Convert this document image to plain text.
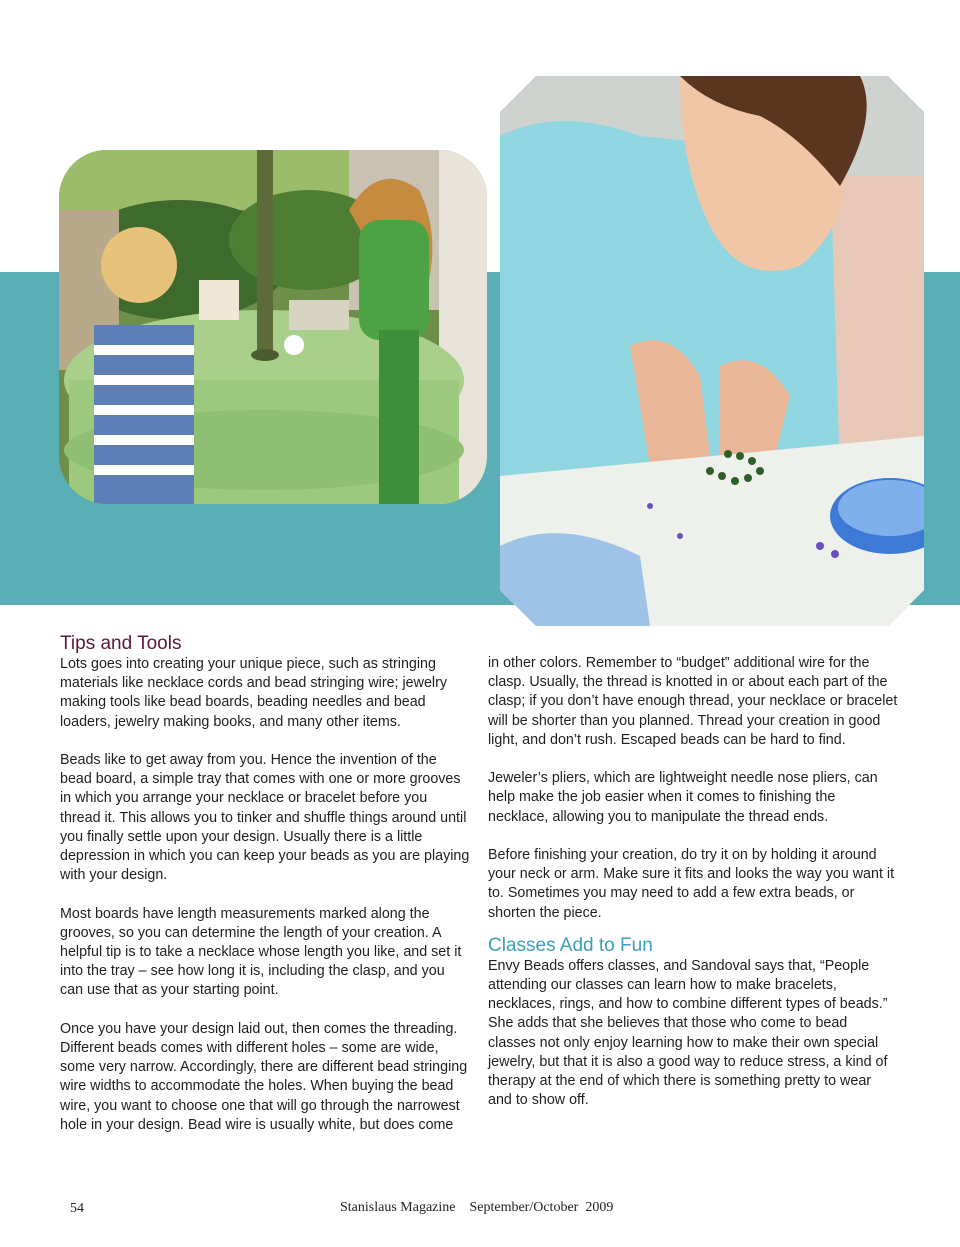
Tips and Tools

Lots goes into creating your unique piece, such as stringing materials like necklace cords and bead stringing wire; jewelry making tools like bead boards, beading needles and bead loaders, jewelry making books, and many other items.

Beads like to get away from you. Hence the invention of the bead board, a simple tray that comes with one or more grooves in which you arrange your necklace or bracelet before you thread it. This allows you to tinker and shuffle things around until you finally settle upon your design. Usually there is a little depression in which you can keep your beads as you are playing with your design.

Most boards have length measurements marked along the grooves, so you can determine the length of your creation. A helpful tip is to take a necklace whose length you like, and set it into the tray – see how long it is, including the clasp, and you can use that as your starting point.

Once you have your design laid out, then comes the threading. Different beads comes with different holes – some are wide, some very narrow. Accordingly, there are different bead stringing wire widths to accommodate the holes. When buying the bead wire, you want to choose one that will go through the narrowest hole in your design. Bead wire is usually white, but does come

in other colors. Remember to “budget” additional wire for the clasp. Usually, the thread is knotted in or about each part of the clasp; if you don’t have enough thread, your necklace or bracelet will be shorter than you planned. Thread your creation in good light, and don’t rush. Escaped beads can be hard to find.

Jeweler’s pliers, which are lightweight needle nose pliers, can help make the job easier when it comes to finishing the necklace, allowing you to manipulate the thread ends.

Before finishing your creation, do try it on by holding it around your neck or arm. Make sure it fits and looks the way you want it to. Sometimes you may need to add a few extra beads, or shorten the piece.

Classes Add to Fun

Envy Beads offers classes, and Sandoval says that, “People attending our classes can learn how to make bracelets, necklaces, rings, and how to combine different types of beads.” She adds that she believes that those who come to bead classes not only enjoy learning how to make their own special jewelry, but that it is also a good way to reduce stress, a kind of therapy at the end of which there is something pretty to wear and to show off.

54	Stanislaus Magazine    September/October  2009
